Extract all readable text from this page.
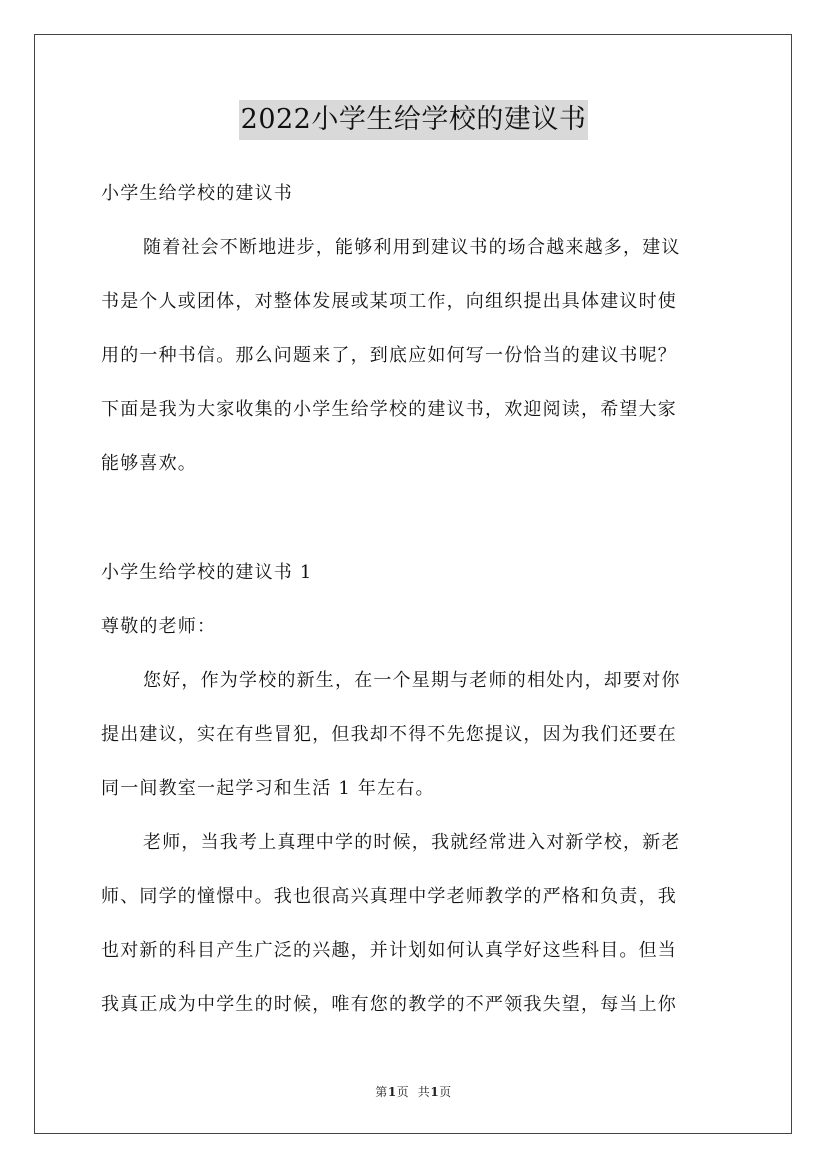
2022小学生给学校的建议书
小学生给学校的建议书
随着社会不断地进步，能够利用到建议书的场合越来越多，建议
书是个人或团体，对整体发展或某项工作，向组织提出具体建议时使
用的一种书信。那么问题来了，到底应如何写一份恰当的建议书呢？
下面是我为大家收集的小学生给学校的建议书，欢迎阅读，希望大家
能够喜欢。
小学生给学校的建议书 1
尊敬的老师：
您好，作为学校的新生，在一个星期与老师的相处内，却要对你
提出建议，实在有些冒犯，但我却不得不先您提议，因为我们还要在
同一间教室一起学习和生活 1 年左右。
老师，当我考上真理中学的时候，我就经常进入对新学校，新老
师、同学的憧憬中。我也很高兴真理中学老师教学的严格和负责，我
也对新的科目产生广泛的兴趣，并计划如何认真学好这些科目。但当
我真正成为中学生的时候，唯有您的教学的不严领我失望，每当上你
第1页  共1页
